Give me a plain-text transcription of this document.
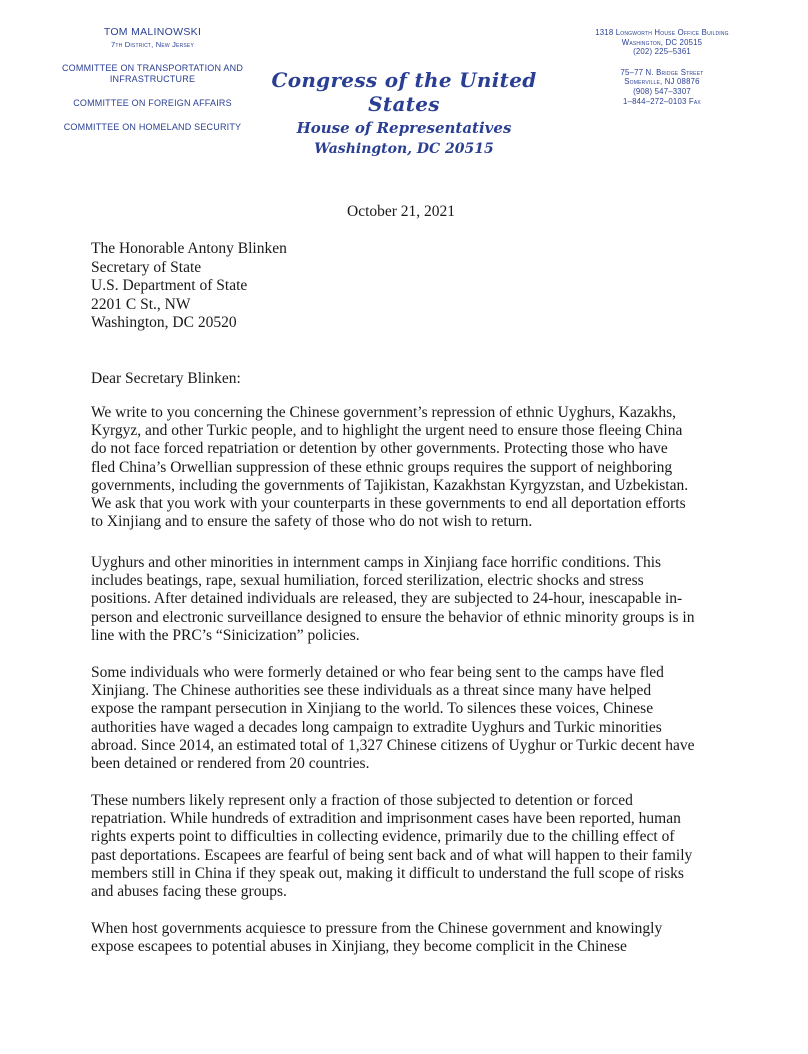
TOM MALINOWSKI
7th District, New Jersey
COMMITTEE ON TRANSPORTATION AND INFRASTRUCTURE
COMMITTEE ON FOREIGN AFFAIRS
COMMITTEE ON HOMELAND SECURITY
Congress of the United States
House of Representatives
Washington, DC 20515
1318 Longworth House Office Building
Washington, DC 20515
(202) 225–5361
75–77 N. Bridge Street
Somerville, NJ 08876
(908) 547–3307
1–844–272–0103 Fax
October 21, 2021
The Honorable Antony Blinken
Secretary of State
U.S. Department of State
2201 C St., NW
Washington, DC 20520
Dear Secretary Blinken:
We write to you concerning the Chinese government’s repression of ethnic Uyghurs, Kazakhs,
Kyrgyz, and other Turkic people, and to highlight the urgent need to ensure those fleeing China
do not face forced repatriation or detention by other governments. Protecting those who have
fled China’s Orwellian suppression of these ethnic groups requires the support of neighboring
governments, including the governments of Tajikistan, Kazakhstan Kyrgyzstan, and Uzbekistan.
We ask that you work with your counterparts in these governments to end all deportation efforts
to Xinjiang and to ensure the safety of those who do not wish to return.
Uyghurs and other minorities in internment camps in Xinjiang face horrific conditions. This
includes beatings, rape, sexual humiliation, forced sterilization, electric shocks and stress
positions. After detained individuals are released, they are subjected to 24-hour, inescapable in-
person and electronic surveillance designed to ensure the behavior of ethnic minority groups is in
line with the PRC’s “Sinicization” policies.
Some individuals who were formerly detained or who fear being sent to the camps have fled
Xinjiang. The Chinese authorities see these individuals as a threat since many have helped
expose the rampant persecution in Xinjiang to the world. To silences these voices, Chinese
authorities have waged a decades long campaign to extradite Uyghurs and Turkic minorities
abroad. Since 2014, an estimated total of 1,327 Chinese citizens of Uyghur or Turkic decent have
been detained or rendered from 20 countries.
These numbers likely represent only a fraction of those subjected to detention or forced
repatriation. While hundreds of extradition and imprisonment cases have been reported, human
rights experts point to difficulties in collecting evidence, primarily due to the chilling effect of
past deportations. Escapees are fearful of being sent back and of what will happen to their family
members still in China if they speak out, making it difficult to understand the full scope of risks
and abuses facing these groups.
When host governments acquiesce to pressure from the Chinese government and knowingly
expose escapees to potential abuses in Xinjiang, they become complicit in the Chinese
